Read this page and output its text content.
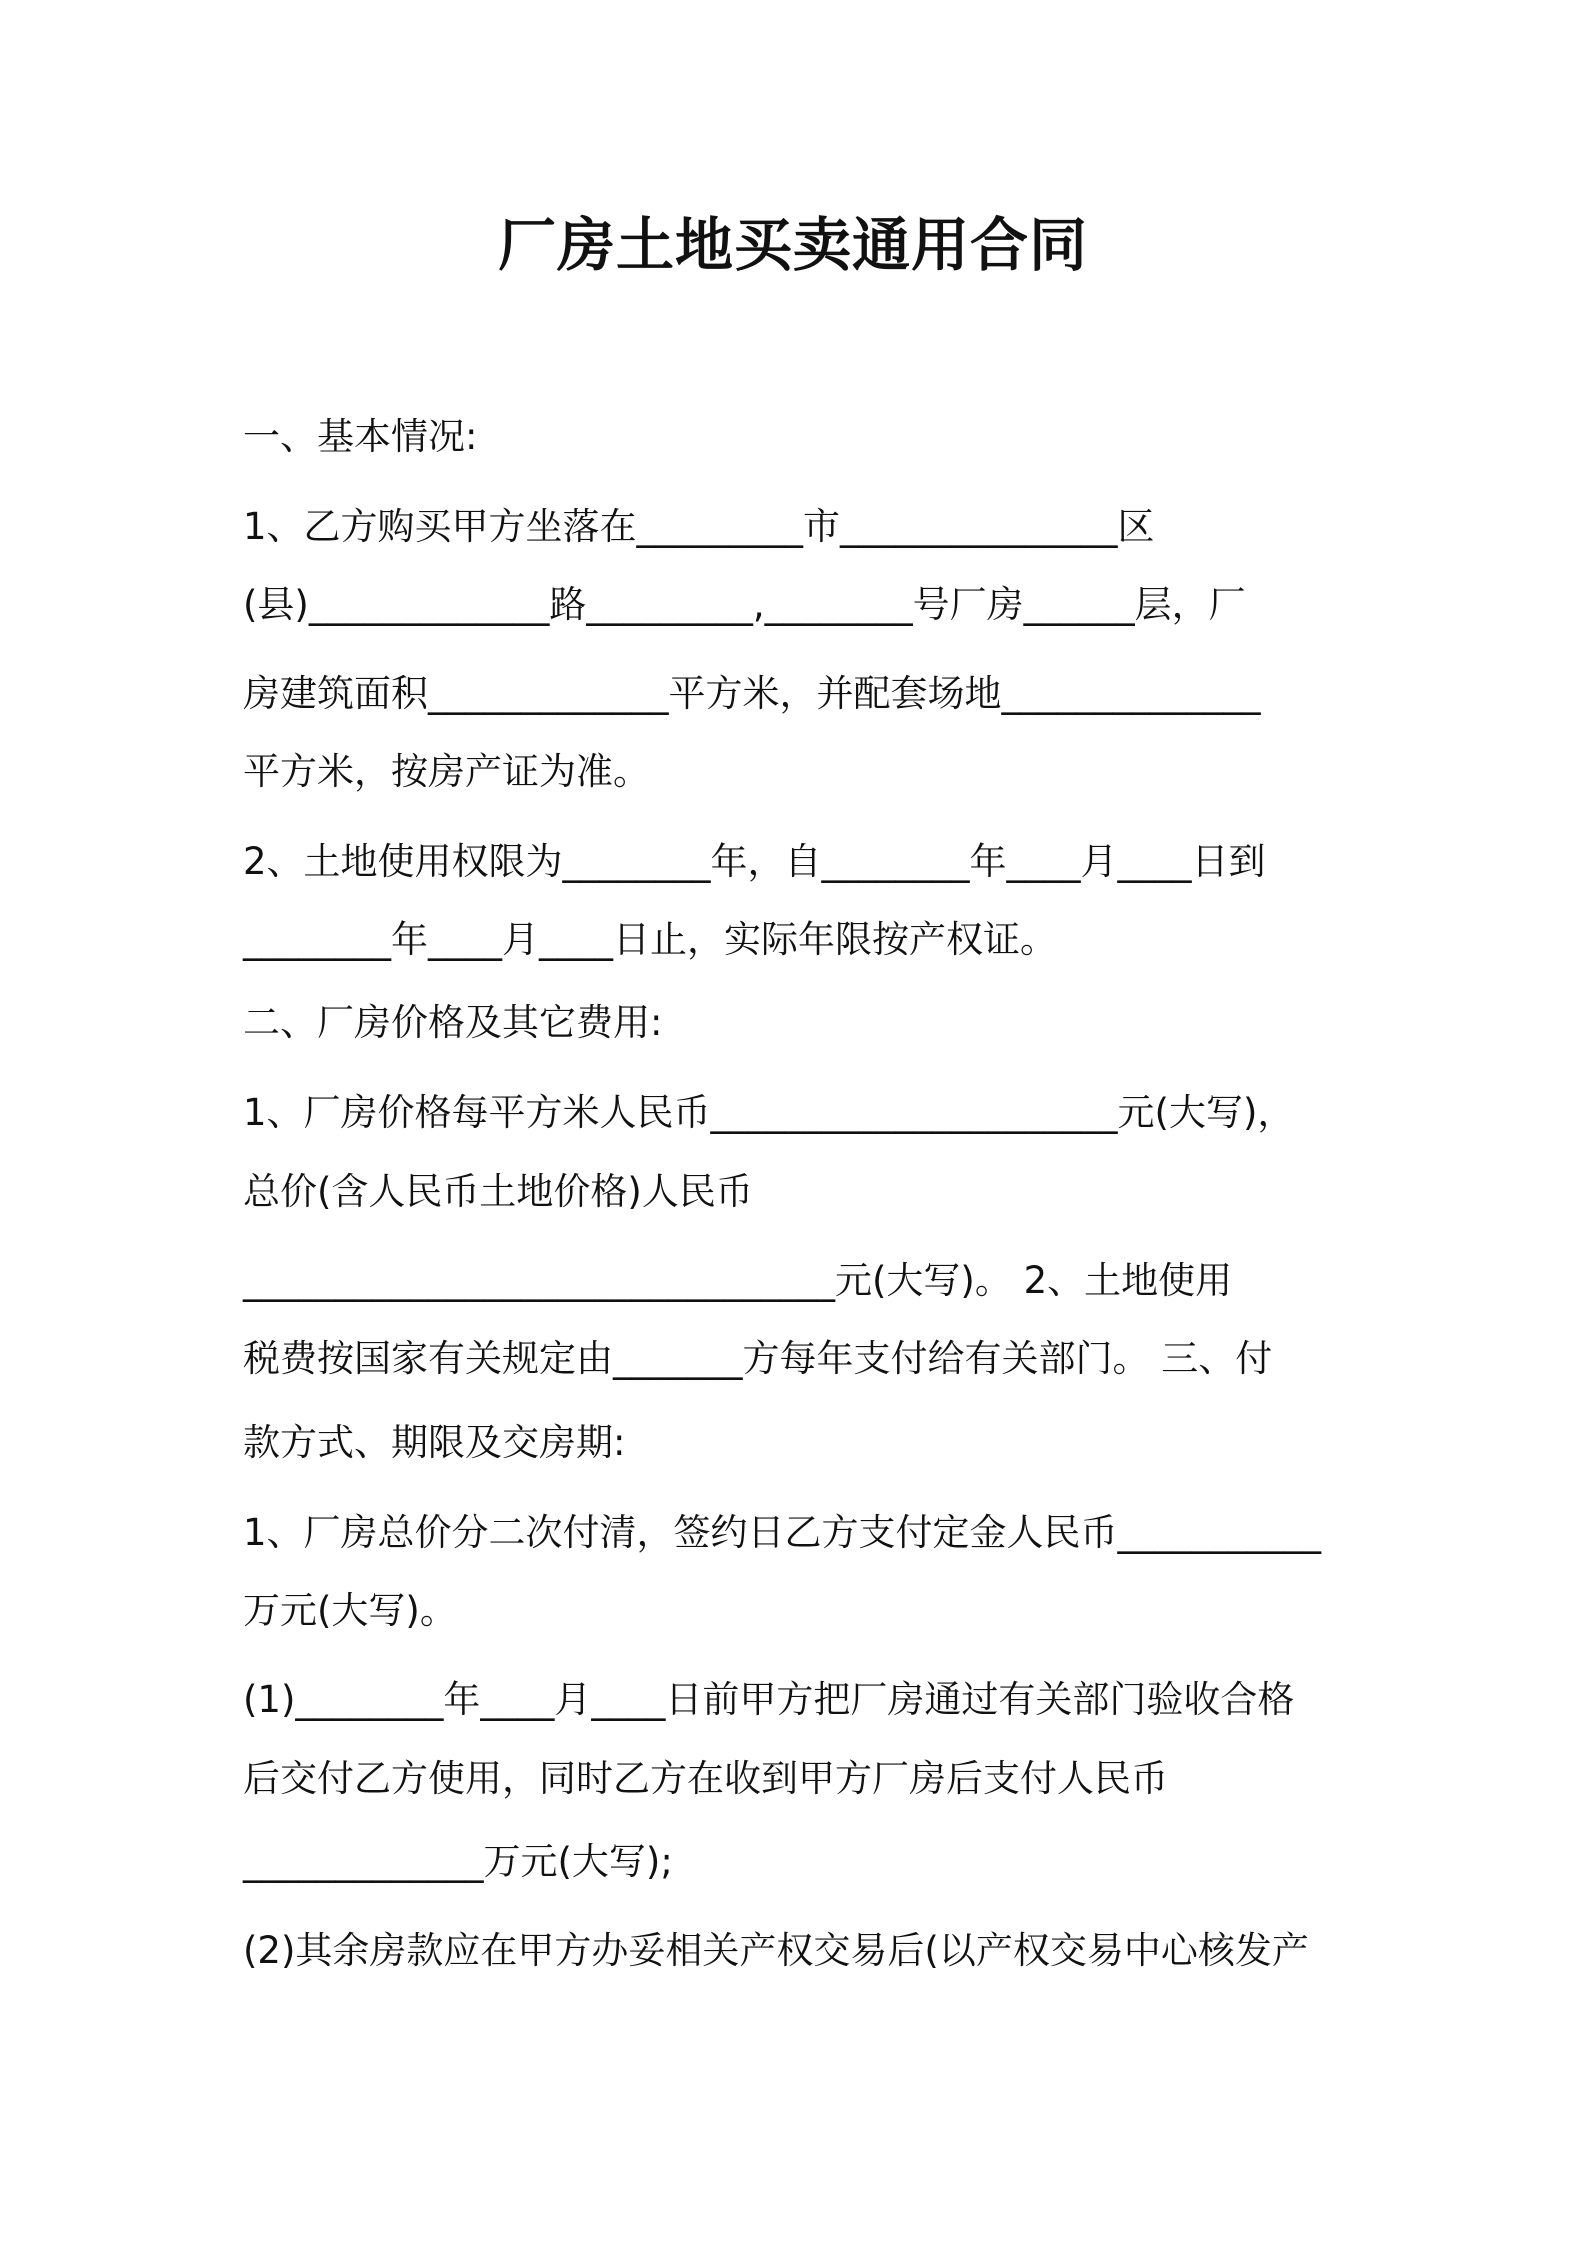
厂房土地买卖通用合同
一、基本情况:
1、乙方购买甲方坐落在_________市_______________区
(县)_____________路_________,________号厂房______层，厂
房建筑面积_____________平方米，并配套场地______________
平方米，按房产证为准。
2、土地使用权限为________年，自________年____月____日到
________年____月____日止，实际年限按产权证。
二、厂房价格及其它费用:
1、厂房价格每平方米人民币______________________元(大写)，
总价(含人民币土地价格)人民币
________________________________元(大写)。 2、土地使用
税费按国家有关规定由_______方每年支付给有关部门。 三、付
款方式、期限及交房期:
1、厂房总价分二次付清，签约日乙方支付定金人民币___________
万元(大写)。
(1)________年____月____日前甲方把厂房通过有关部门验收合格
后交付乙方使用，同时乙方在收到甲方厂房后支付人民币
_____________万元(大写);
(2)其余房款应在甲方办妥相关产权交易后(以产权交易中心核发产
